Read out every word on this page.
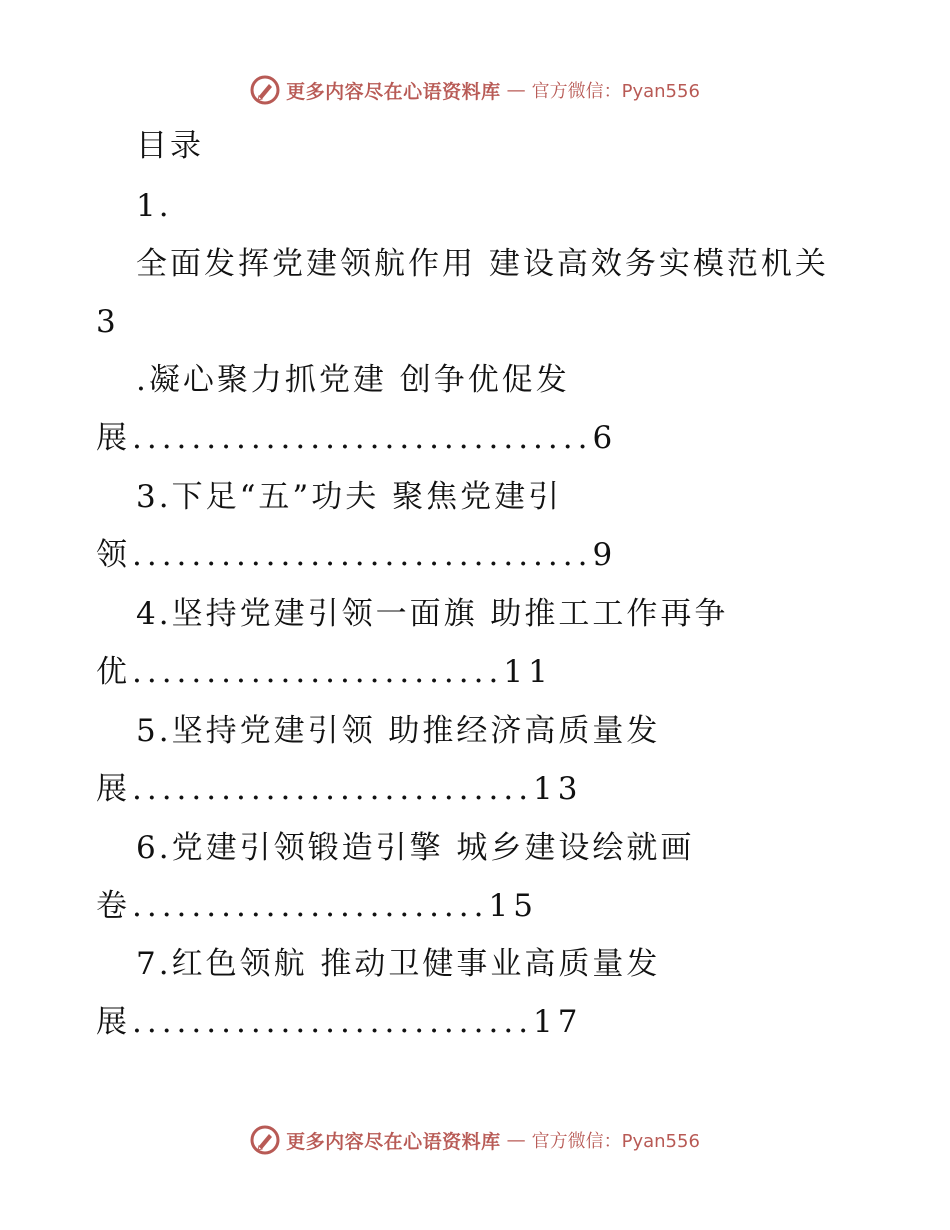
更多内容尽在心语资料库 — 官方微信：Pyan556
目录
1.
全面发挥党建领航作用 建设高效务实模范机关
3
.凝心聚力抓党建 创争优促发
展...............................6
3.下足“五”功夫 聚焦党建引
领...............................9
4.坚持党建引领一面旗 助推工工作再争
优.........................11
5.坚持党建引领 助推经济高质量发
展...........................13
6.党建引领锻造引擎 城乡建设绘就画
卷........................15
7.红色领航 推动卫健事业高质量发
展...........................17
更多内容尽在心语资料库 — 官方微信：Pyan556
